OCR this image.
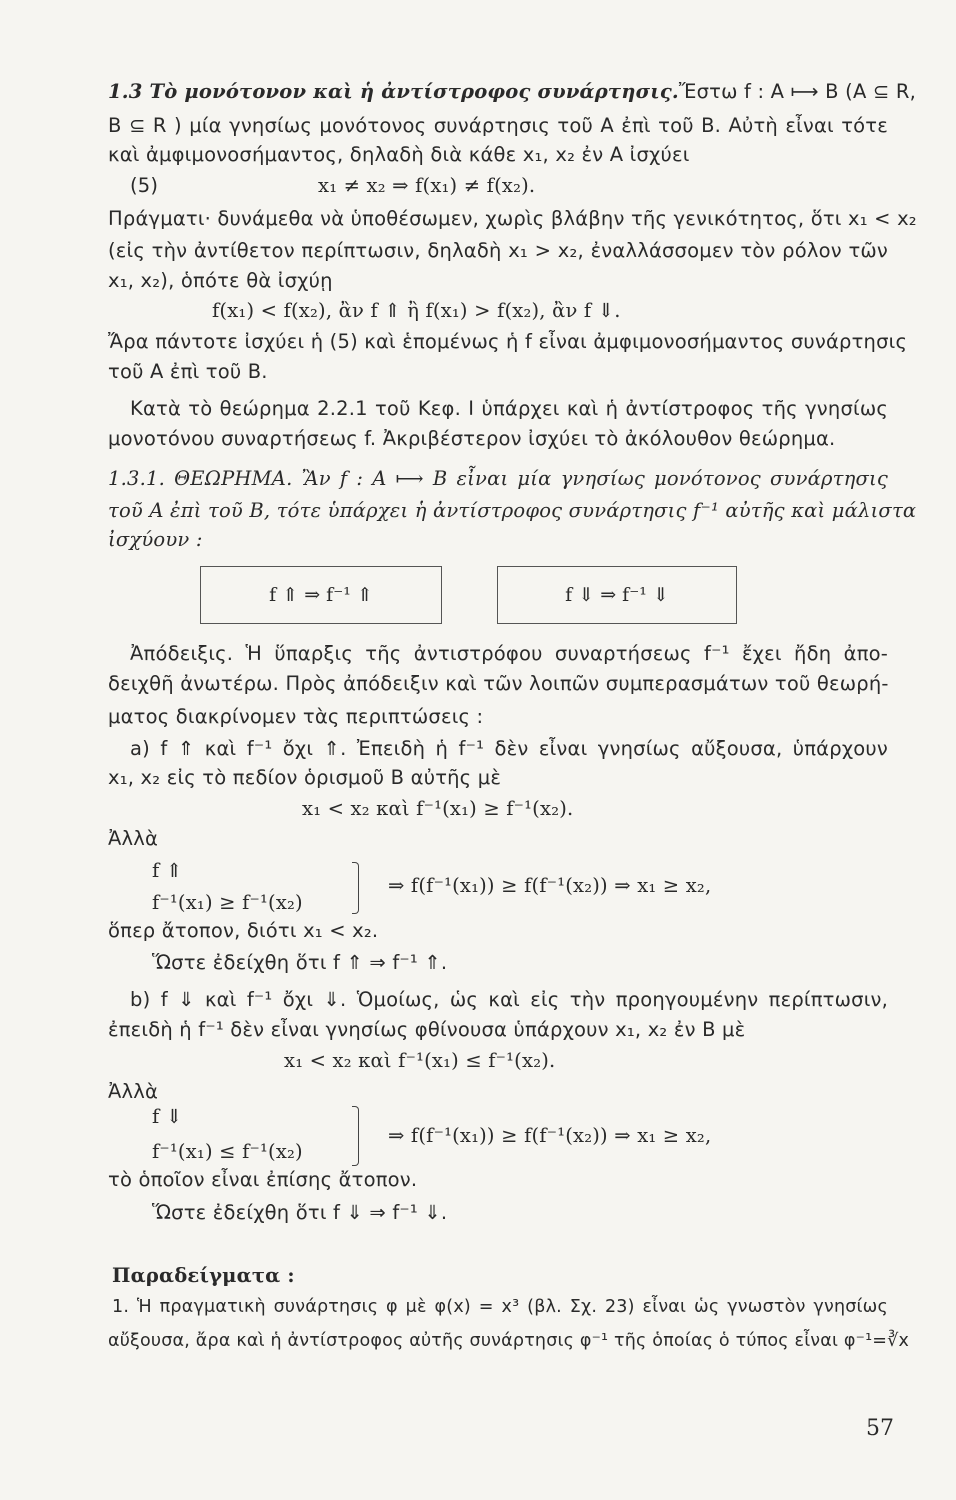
1.3 Τὸ μονότονον καὶ ἡ ἀντίστροφος συνάρτησις.Ἔστω f : A ⟼ B (A ⊆ R,
B ⊆ R ) μία γνησίως μονότονος συνάρτησις τοῦ A ἐπὶ τοῦ B. Αὐτὴ εἶναι τότε
καὶ ἀμφιμονοσήμαντος, δηλαδὴ διὰ κάθε x₁, x₂ ἐν A ἰσχύει
(5)	x₁ ≠ x₂ ⇒ f(x₁) ≠ f(x₂).
Πράγματι· δυνάμεθα νὰ ὑποθέσωμεν, χωρὶς βλάβην τῆς γενικότητος, ὅτι x₁ < x₂
(εἰς τὴν ἀντίθετον περίπτωσιν, δηλαδὴ x₁ > x₂, ἐναλλάσσομεν τὸν ρόλον τῶν
x₁, x₂), ὁπότε θὰ ἰσχύῃ
f(x₁) < f(x₂), ἂν f ⇑ ἢ f(x₁) > f(x₂), ἂν f ⇓.
Ἄρα πάντοτε ἰσχύει ἡ (5) καὶ ἑπομένως ἡ f εἶναι ἀμφιμονοσήμαντος συνάρτησις
τοῦ A ἐπὶ τοῦ B.
Κατὰ τὸ θεώρημα 2.2.1 τοῦ Κεφ. Ι ὑπάρχει καὶ ἡ ἀντίστροφος τῆς γνησίως
μονοτόνου συναρτήσεως f. Ἀκριβέστερον ἰσχύει τὸ ἀκόλουθον θεώρημα.
1.3.1. ΘΕΩΡΗΜΑ. Ἂν f : A ⟼ B εἶναι μία γνησίως μονότονος συνάρτησις
τοῦ A ἐπὶ τοῦ B, τότε ὑπάρχει ἡ ἀντίστροφος συνάρτησις f⁻¹ αὐτῆς καὶ μάλιστα
ἰσχύουν :
f ⇑ ⇒ f⁻¹ ⇑	f ⇓ ⇒ f⁻¹ ⇓
Ἀπόδειξις. Ἡ ὕπαρξις τῆς ἀντιστρόφου συναρτήσεως f⁻¹ ἔχει ἤδη ἀπο-
δειχθῆ ἀνωτέρω. Πρὸς ἀπόδειξιν καὶ τῶν λοιπῶν συμπερασμάτων τοῦ θεωρή-
ματος διακρίνομεν τὰς περιπτώσεις :
a) f ⇑ καὶ f⁻¹ ὄχι ⇑. Ἐπειδὴ ἡ f⁻¹ δὲν εἶναι γνησίως αὔξουσα, ὑπάρχουν
x₁, x₂ εἰς τὸ πεδίον ὁρισμοῦ B αὐτῆς μὲ
x₁ < x₂ καὶ f⁻¹(x₁) ≥ f⁻¹(x₂).
Ἀλλὰ
f ⇑
⇒ f(f⁻¹(x₁)) ≥ f(f⁻¹(x₂)) ⇒ x₁ ≥ x₂,
f⁻¹(x₁) ≥ f⁻¹(x₂)
ὅπερ ἄτοπον, διότι x₁ < x₂.
Ὥστε ἐδείχθη ὅτι f ⇑ ⇒ f⁻¹ ⇑.
b) f ⇓ καὶ f⁻¹ ὄχι ⇓. Ὁμοίως, ὡς καὶ εἰς τὴν προηγουμένην περίπτωσιν,
ἐπειδὴ ἡ f⁻¹ δὲν εἶναι γνησίως φθίνουσα ὑπάρχουν x₁, x₂ ἐν B μὲ
x₁ < x₂ καὶ f⁻¹(x₁) ≤ f⁻¹(x₂).
Ἀλλὰ
f ⇓
⇒ f(f⁻¹(x₁)) ≥ f(f⁻¹(x₂)) ⇒ x₁ ≥ x₂,
f⁻¹(x₁) ≤ f⁻¹(x₂)
τὸ ὁποῖον εἶναι ἐπίσης ἄτοπον.
Ὥστε ἐδείχθη ὅτι f ⇓ ⇒ f⁻¹ ⇓.
Παραδείγματα :
1. Ἡ πραγματικὴ συνάρτησις φ μὲ φ(x) = x³ (βλ. Σχ. 23) εἶναι ὡς γνωστὸν γνησίως
αὔξουσα, ἄρα καὶ ἡ ἀντίστροφος αὐτῆς συνάρτησις φ⁻¹ τῆς ὁποίας ὁ τύπος εἶναι φ⁻¹=∛x
57
